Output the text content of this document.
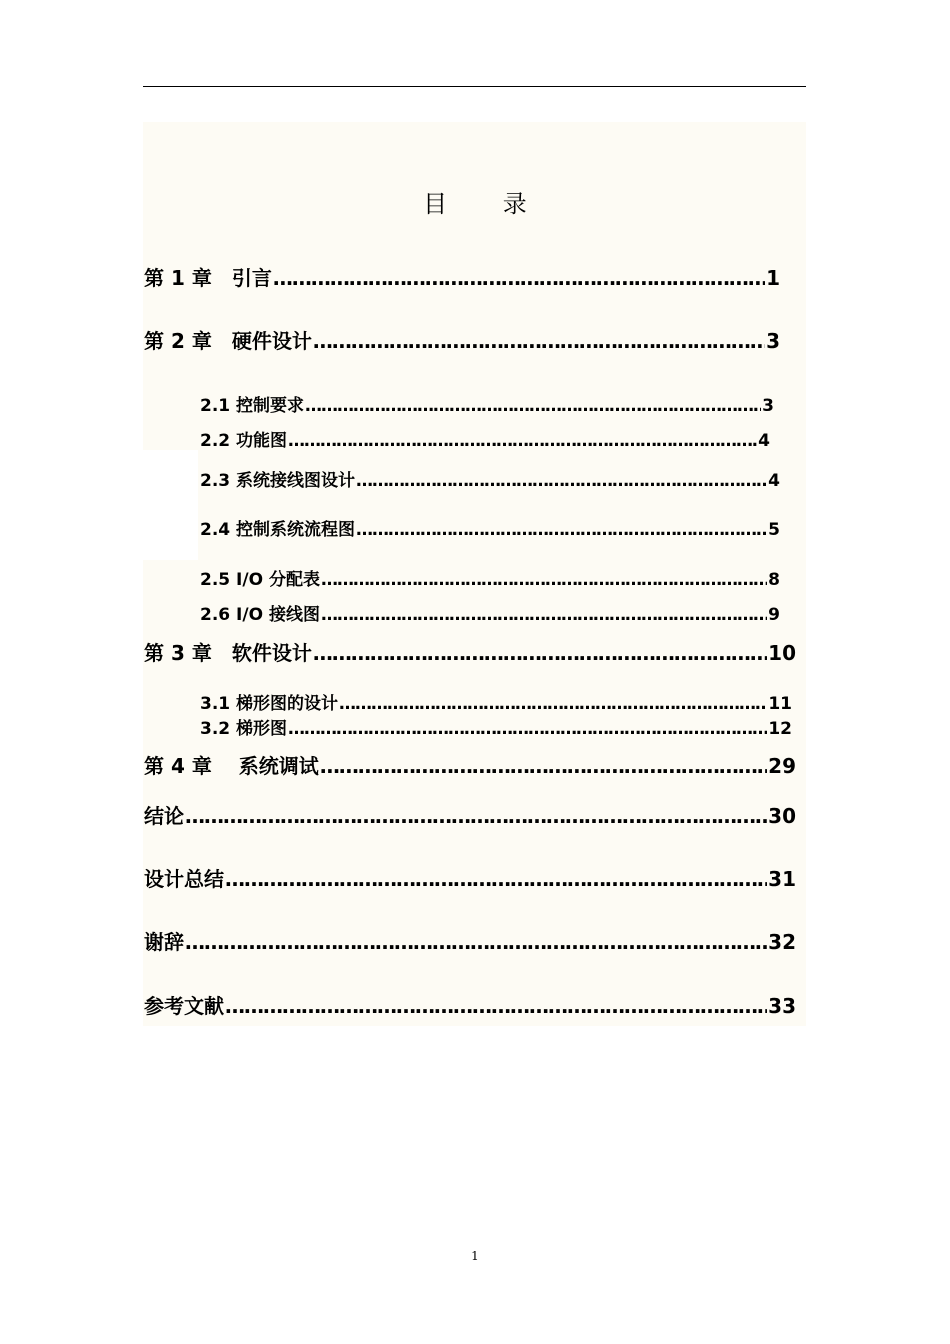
目 录
第 1 章　引言 ………………………………………………………………………………………………………………………………………………………………………………	1
第 2 章　硬件设计 ………………………………………………………………………………………………………………………………………………………………………………	3
2.1 控制要求 ………………………………………………………………………………………………………………………………………………………………………………	3
2.2 功能图 ………………………………………………………………………………………………………………………………………………………………………………	4
2.3 系统接线图设计 ………………………………………………………………………………………………………………………………………………………………………………	4
2.4 控制系统流程图 ………………………………………………………………………………………………………………………………………………………………………………	5
2.5 I/O 分配表 ………………………………………………………………………………………………………………………………………………………………………………	8
2.6 I/O 接线图 ………………………………………………………………………………………………………………………………………………………………………………	9
第 3 章　软件设计 ………………………………………………………………………………………………………………………………………………………………………………	10
3.1 梯形图的设计 ………………………………………………………………………………………………………………………………………………………………………………	11
3.2 梯形图 ………………………………………………………………………………………………………………………………………………………………………………	12
第 4 章　 系统调试 ………………………………………………………………………………………………………………………………………………………………………………	29
结论 ………………………………………………………………………………………………………………………………………………………………………………	30
设计总结 ………………………………………………………………………………………………………………………………………………………………………………	31
谢辞 ………………………………………………………………………………………………………………………………………………………………………………	32
参考文献 ………………………………………………………………………………………………………………………………………………………………………………	33
1
